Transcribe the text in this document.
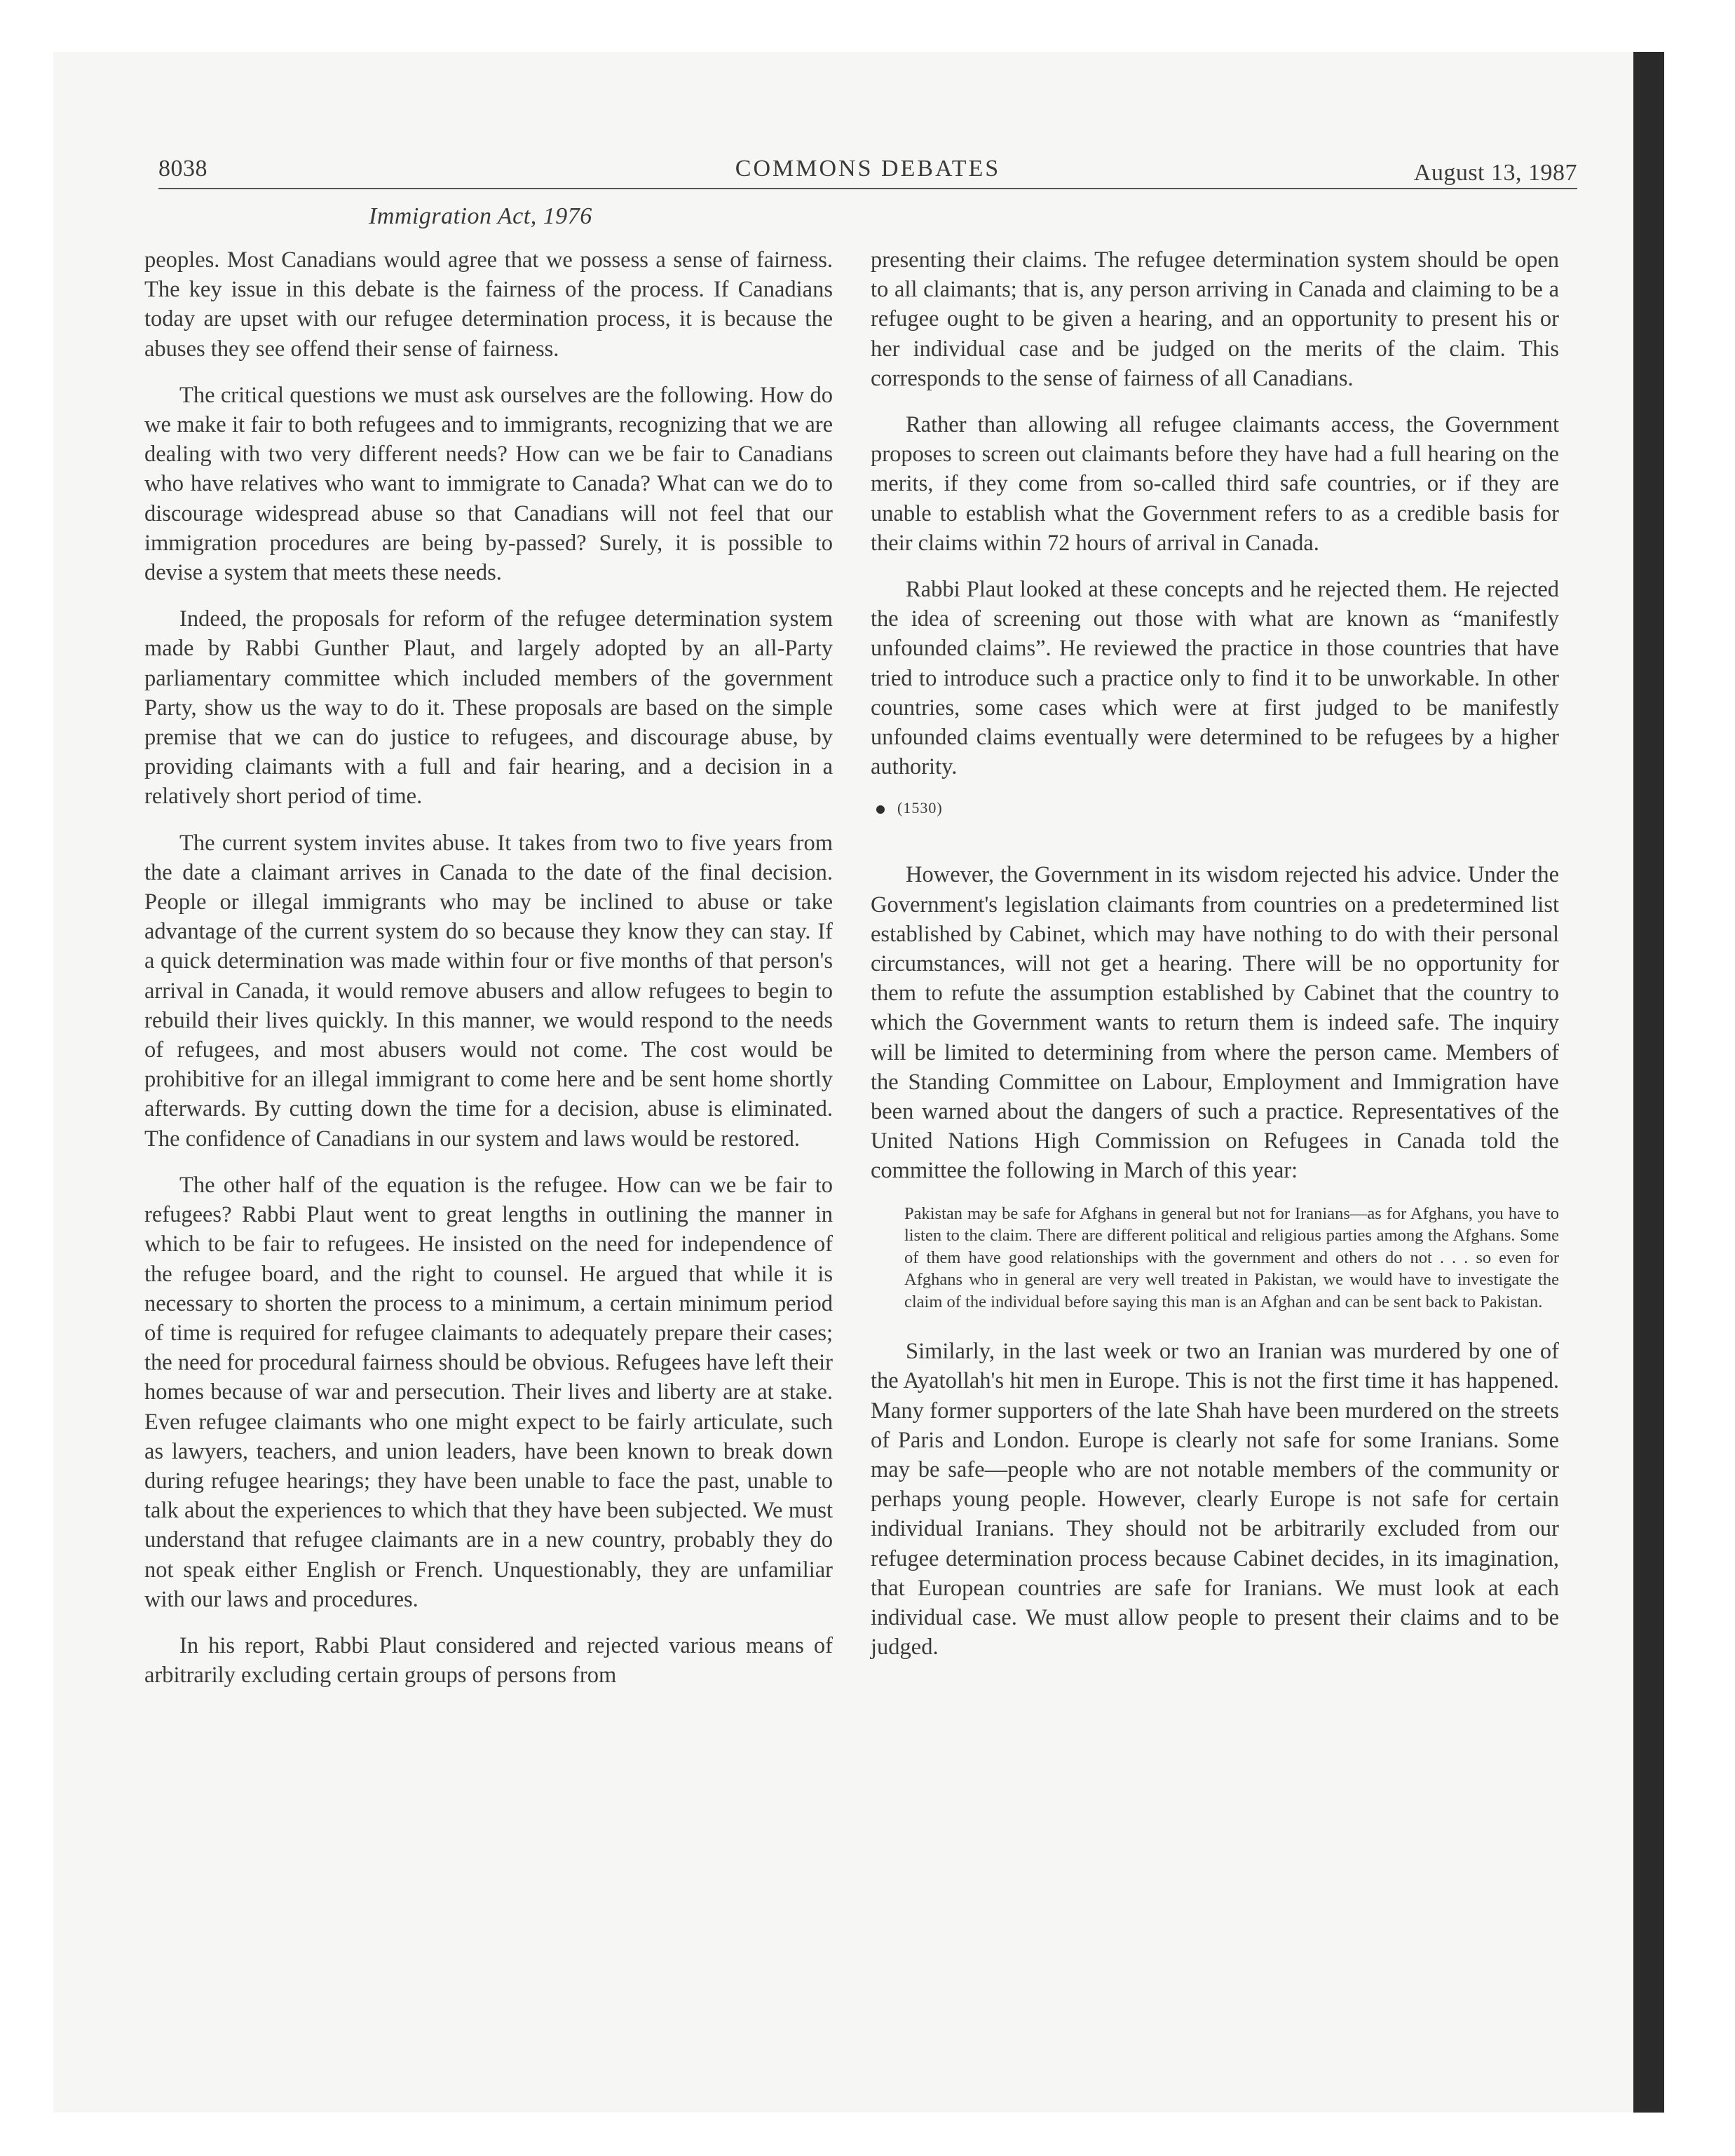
8038	COMMONS DEBATES	August 13, 1987
Immigration Act, 1976

peoples. Most Canadians would agree that we possess a sense of fairness. The key issue in this debate is the fairness of the process. If Canadians today are upset with our refugee determination process, it is because the abuses they see offend their sense of fairness.

The critical questions we must ask ourselves are the following. How do we make it fair to both refugees and to immigrants, recognizing that we are dealing with two very different needs? How can we be fair to Canadians who have relatives who want to immigrate to Canada? What can we do to discourage widespread abuse so that Canadians will not feel that our immigration procedures are being by-passed? Surely, it is possible to devise a system that meets these needs.

Indeed, the proposals for reform of the refugee determination system made by Rabbi Gunther Plaut, and largely adopted by an all-Party parliamentary committee which included members of the government Party, show us the way to do it. These proposals are based on the simple premise that we can do justice to refugees, and discourage abuse, by providing claimants with a full and fair hearing, and a decision in a relatively short period of time.

The current system invites abuse. It takes from two to five years from the date a claimant arrives in Canada to the date of the final decision. People or illegal immigrants who may be inclined to abuse or take advantage of the current system do so because they know they can stay. If a quick determination was made within four or five months of that person's arrival in Canada, it would remove abusers and allow refugees to begin to rebuild their lives quickly. In this manner, we would respond to the needs of refugees, and most abusers would not come. The cost would be prohibitive for an illegal immigrant to come here and be sent home shortly afterwards. By cutting down the time for a decision, abuse is eliminated. The confidence of Canadians in our system and laws would be restored.

The other half of the equation is the refugee. How can we be fair to refugees? Rabbi Plaut went to great lengths in outlining the manner in which to be fair to refugees. He insisted on the need for independence of the refugee board, and the right to counsel. He argued that while it is necessary to shorten the process to a minimum, a certain minimum period of time is required for refugee claimants to adequately prepare their cases; the need for procedural fairness should be obvious. Refugees have left their homes because of war and persecution. Their lives and liberty are at stake. Even refugee claimants who one might expect to be fairly articulate, such as lawyers, teachers, and union leaders, have been known to break down during refugee hearings; they have been unable to face the past, unable to talk about the experiences to which that they have been subjected. We must understand that refugee claimants are in a new country, probably they do not speak either English or French. Unquestionably, they are unfamiliar with our laws and procedures.

In his report, Rabbi Plaut considered and rejected various means of arbitrarily excluding certain groups of persons from

presenting their claims. The refugee determination system should be open to all claimants; that is, any person arriving in Canada and claiming to be a refugee ought to be given a hearing, and an opportunity to present his or her individual case and be judged on the merits of the claim. This corresponds to the sense of fairness of all Canadians.

Rather than allowing all refugee claimants access, the Government proposes to screen out claimants before they have had a full hearing on the merits, if they come from so-called third safe countries, or if they are unable to establish what the Government refers to as a credible basis for their claims within 72 hours of arrival in Canada.

Rabbi Plaut looked at these concepts and he rejected them. He rejected the idea of screening out those with what are known as “manifestly unfounded claims”. He reviewed the practice in those countries that have tried to introduce such a practice only to find it to be unworkable. In other countries, some cases which were at first judged to be manifestly unfounded claims eventually were determined to be refugees by a higher authority.

(1530)

However, the Government in its wisdom rejected his advice. Under the Government's legislation claimants from countries on a predetermined list established by Cabinet, which may have nothing to do with their personal circumstances, will not get a hearing. There will be no opportunity for them to refute the assumption established by Cabinet that the country to which the Government wants to return them is indeed safe. The inquiry will be limited to determining from where the person came. Members of the Standing Committee on Labour, Employment and Immigration have been warned about the dangers of such a practice. Representatives of the United Nations High Commission on Refugees in Canada told the committee the following in March of this year:

Pakistan may be safe for Afghans in general but not for Iranians—as for Afghans, you have to listen to the claim. There are different political and religious parties among the Afghans. Some of them have good relationships with the government and others do not . . . so even for Afghans who in general are very well treated in Pakistan, we would have to investigate the claim of the individual before saying this man is an Afghan and can be sent back to Pakistan.

Similarly, in the last week or two an Iranian was murdered by one of the Ayatollah's hit men in Europe. This is not the first time it has happened. Many former supporters of the late Shah have been murdered on the streets of Paris and London. Europe is clearly not safe for some Iranians. Some may be safe—people who are not notable members of the community or perhaps young people. However, clearly Europe is not safe for certain individual Iranians. They should not be arbitrarily excluded from our refugee determination process because Cabinet decides, in its imagination, that European countries are safe for Iranians. We must look at each individual case. We must allow people to present their claims and to be judged.
